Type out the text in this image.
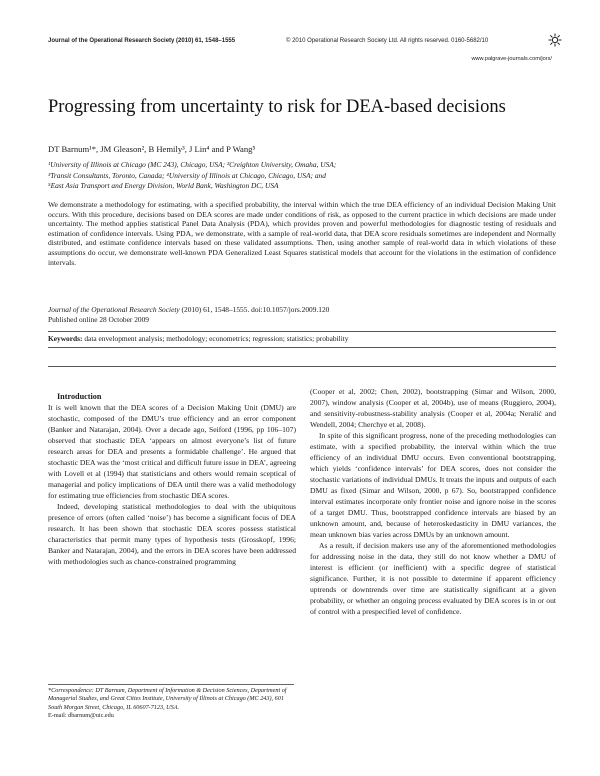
Journal of the Operational Research Society (2010) 61, 1548–1555	© 2010 Operational Research Society Ltd. All rights reserved. 0160-5682/10
www.palgrave-journals.com/jors/
Progressing from uncertainty to risk for DEA-based decisions
DT Barnum¹*, JM Gleason², B Hemily³, J Lin⁴ and P Wang⁵
¹University of Illinois at Chicago (MC 243), Chicago, USA; ²Creighton University, Omaha, USA;
³Transit Consultants, Toronto, Canada; ⁴University of Illinois at Chicago, Chicago, USA; and
⁵East Asia Transport and Energy Division, World Bank, Washington DC, USA
We demonstrate a methodology for estimating, with a specified probability, the interval within which the true DEA efficiency of an individual Decision Making Unit occurs. With this procedure, decisions based on DEA scores are made under conditions of risk, as opposed to the current practice in which decisions are made under uncertainty. The method applies statistical Panel Data Analysis (PDA), which provides proven and powerful methodologies for diagnostic testing of residuals and estimation of confidence intervals. Using PDA, we demonstrate, with a sample of real-world data, that DEA score residuals sometimes are independent and Normally distributed, and estimate confidence intervals based on these validated assumptions. Then, using another sample of real-world data in which violations of these assumptions do occur, we demonstrate well-known PDA Generalized Least Squares statistical models that account for the violations in the estimation of confidence intervals.
Journal of the Operational Research Society (2010) 61, 1548–1555. doi:10.1057/jors.2009.120
Published online 28 October 2009
Keywords: data envelopment analysis; methodology; econometrics; regression; statistics; probability

Introduction

It is well known that the DEA scores of a Decision Making Unit (DMU) are stochastic, composed of the DMU’s true efficiency and an error component (Banker and Natarajan, 2004). Over a decade ago, Seiford (1996, pp 106–107) observed that stochastic DEA ‘appears on almost everyone’s list of future research areas for DEA and presents a formidable challenge’. He argued that stochastic DEA was the ‘most critical and difficult future issue in DEA’, agreeing with Lovell et al (1994) that statisticians and others would remain sceptical of managerial and policy implications of DEA until there was a valid methodology for estimating true efficiencies from stochastic DEA scores.

Indeed, developing statistical methodologies to deal with the ubiquitous presence of errors (often called ‘noise’) has become a significant focus of DEA research. It has been shown that stochastic DEA scores possess statistical characteristics that permit many types of hypothesis tests (Grosskopf, 1996; Banker and Natarajan, 2004), and the errors in DEA scores have been addressed with methodologies such as chance-constrained programming

(Cooper et al, 2002; Chen, 2002), bootstrapping (Simar and Wilson, 2000, 2007), window analysis (Cooper et al, 2004b), use of means (Ruggiero, 2004), and sensitivity-robustness-stability analysis (Cooper et al, 2004a; Neralić and Wendell, 2004; Cherchye et al, 2008).

In spite of this significant progress, none of the preceding methodologies can estimate, with a specified probability, the interval within which the true efficiency of an individual DMU occurs. Even conventional bootstrapping, which yields ‘confidence intervals’ for DEA scores, does not consider the stochastic variations of individual DMUs. It treats the inputs and outputs of each DMU as fixed (Simar and Wilson, 2000, p 67). So, bootstrapped confidence interval estimates incorporate only frontier noise and ignore noise in the scores of a target DMU. Thus, bootstrapped confidence intervals are biased by an unknown amount, and, because of heteroskedasticity in DMU variances, the mean unknown bias varies across DMUs by an unknown amount.

As a result, if decision makers use any of the aforementioned methodologies for addressing noise in the data, they still do not know whether a DMU of interest is efficient (or inefficient) with a specific degree of statistical significance. Further, it is not possible to determine if apparent efficiency uptrends or downtrends over time are statistically significant at a given probability, or whether an ongoing process evaluated by DEA scores is in or out of control with a prespecified level of confidence.

*Correspondence: DT Barnum, Department of Information & Decision Sciences, Department of Managerial Studies, and Great Cities Institute, University of Illinois at Chicago (MC 243), 601 South Morgan Street, Chicago, IL 60607-7123, USA.
E-mail: dbarnum@uic.edu
